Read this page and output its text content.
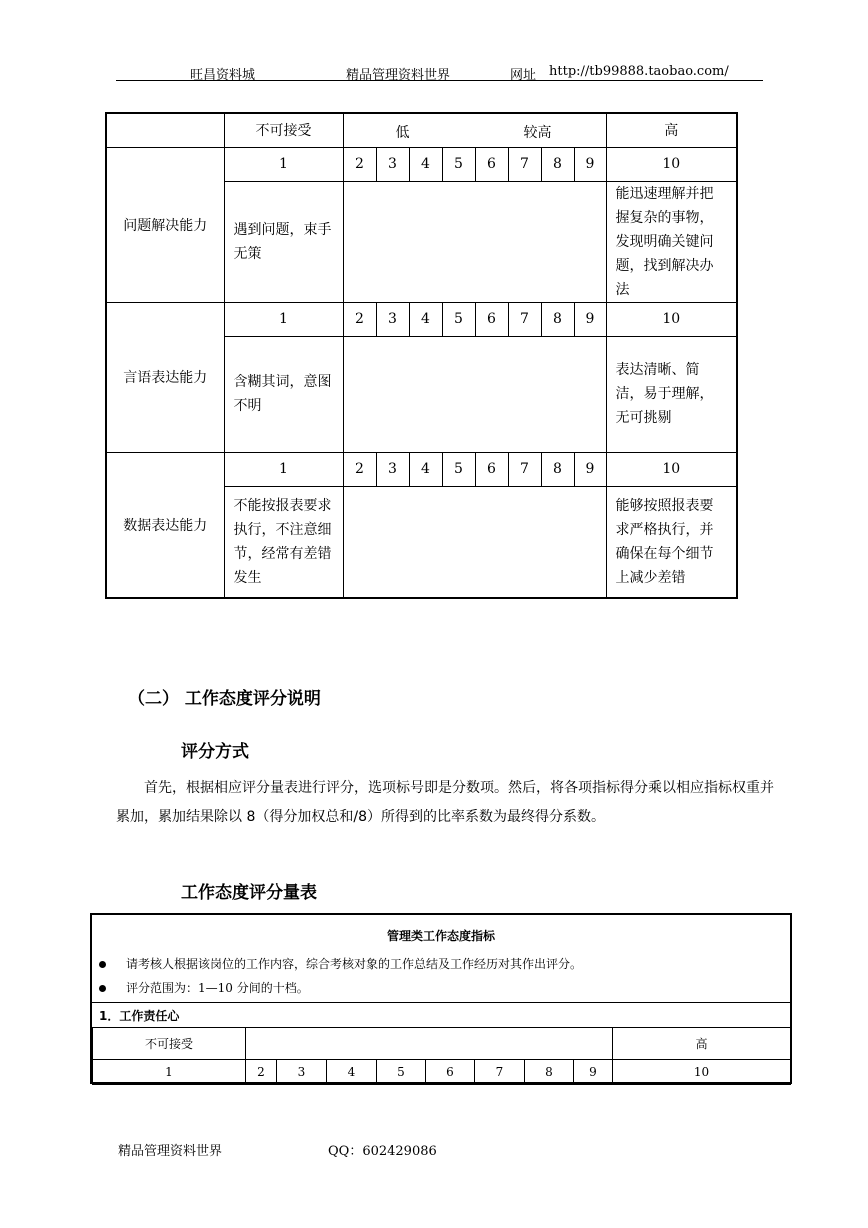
旺昌资料城	精品管理资料世界	网址 http://tb99888.taobao.com/
	不可接受	低 较高								高
问题解决能力	1	2	3	4	5	6	7	8	9	10
	遇到问题，束手无策									能迅速理解并把握复杂的事物，发现明确关键问题，找到解决办法
言语表达能力	1	2	3	4	5	6	7	8	9	10
	含糊其词，意图不明									表达清晰、简洁，易于理解，无可挑剔
数据表达能力	1	2	3	4	5	6	7	8	9	10
	不能按报表要求执行，不注意细节，经常有差错发生									能够按照报表要求严格执行，并确保在每个细节上减少差错
（二） 工作态度评分说明
评分方式

首先，根据相应评分量表进行评分，选项标号即是分数项。然后，将各项指标得分乘以相应指标权重并累加，累加结果除以 8（得分加权总和/8）所得到的比率系数为最终得分系数。

工作态度评分量表
管理类工作态度指标
请考核人根据该岗位的工作内容，综合考核对象的工作总结及工作经历对其作出评分。
评分范围为：1—10 分间的十档。
1．工作责任心
不可接受									高
1	2	3	4	5	6	7	8	9	10
精品管理资料世界	QQ：602429086
